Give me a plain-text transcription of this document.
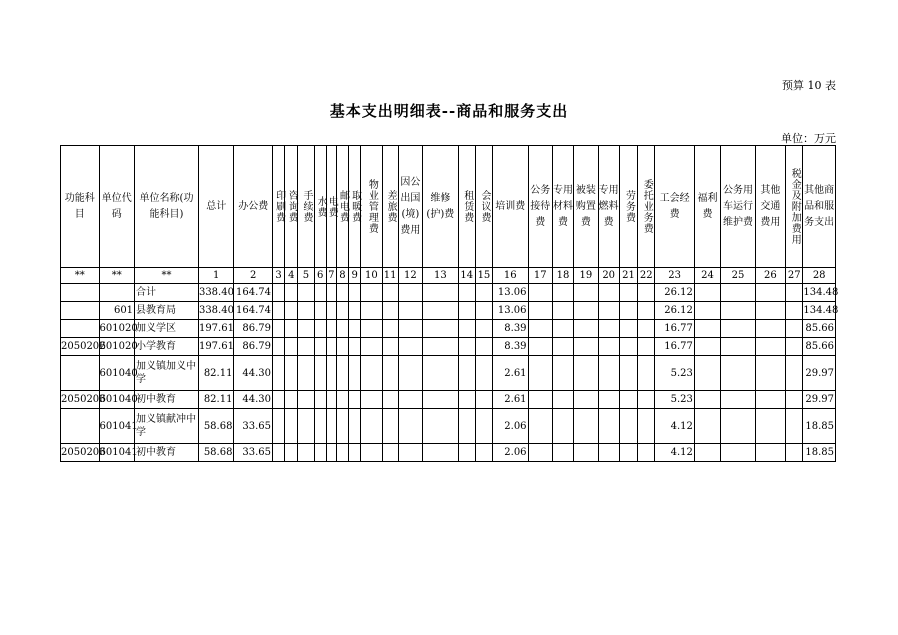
预算 10 表
基本支出明细表--商品和服务支出
单位：万元
功能科目	单位代码	单位名称(功能科目)	总计	办公费	印刷费	咨询费	手续费	水费	电费	邮电费	取暖费	物业管理费	差旅费	因公出国(境)费用	维修(护)费	租赁费	会议费	培训费	公务接待费	专用材料费	被装购置费	专用燃料费	劳务费	委托业务费	工会经费	福利费	公务用车运行维护费	其他交通费用	税金及附加费用	其他商品和服务支出
**	**	**	1	2	3	4	5	6	7	8	9	10	11	12	13	14	15	16	17	18	19	20	21	22	23	24	25	26	27	28
		合计	338.40	164.74														13.06							26.12					134.48
	601	县教育局	338.40	164.74														13.06							26.12					134.48
	601020	加义学区	197.61	86.79														8.39							16.77					85.66
2050202	601020	小学教育	197.61	86.79														8.39							16.77					85.66
	601040	加义镇加义中学	82.11	44.30														2.61							5.23					29.97
2050203	601040	初中教育	82.11	44.30														2.61							5.23					29.97
	601041	加义镇献冲中学	58.68	33.65														2.06							4.12					18.85
2050203	601041	初中教育	58.68	33.65														2.06							4.12					18.85
